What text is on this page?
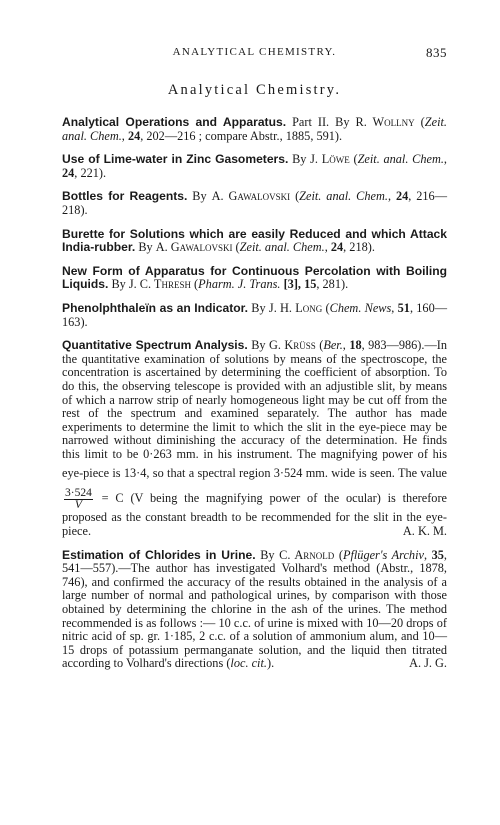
ANALYTICAL CHEMISTRY.	835
Analytical Chemistry.

Analytical Operations and Apparatus. Part II. By R. Wollny (Zeit. anal. Chem., 24, 202—216 ; compare Abstr., 1885, 591).

Use of Lime-water in Zinc Gasometers. By J. Löwe (Zeit. anal. Chem., 24, 221).

Bottles for Reagents. By A. Gawalovski (Zeit. anal. Chem., 24, 216—218).

Burette for Solutions which are easily Reduced and which Attack India-rubber. By A. Gawalovski (Zeit. anal. Chem., 24, 218).

New Form of Apparatus for Continuous Percolation with Boiling Liquids. By J. C. Thresh (Pharm. J. Trans. [3], 15, 281).

Phenolphthaleïn as an Indicator. By J. H. Long (Chem. News, 51, 160—163).

Quantitative Spectrum Analysis. By G. Krüss (Ber., 18, 983—986).—In the quantitative examination of solutions by means of the spectroscope, the concentration is ascertained by determining the coefficient of absorption. To do this, the observing telescope is provided with an adjustible slit, by means of which a narrow strip of nearly homogeneous light may be cut off from the rest of the spectrum and examined separately. The author has made experiments to determine the limit to which the slit in the eye-piece may be narrowed without diminishing the accuracy of the determination. He finds this limit to be 0·263 mm. in his instrument. The magnifying power of his eye-piece is 13·4, so that a spectral region 3·524 mm. wide is seen. The value
$\frac{3\cdot 524}{V} = C$ (V being the magnifying power of the ocular) is therefore proposed as the constant breadth to be recommended for the slit in the eye-piece.	A. K. M.

Estimation of Chlorides in Urine. By C. Arnold (Pflüger's Archiv, 35, 541—557).—The author has investigated Volhard's method (Abstr., 1878, 746), and confirmed the accuracy of the results obtained in the analysis of a large number of normal and pathological urines, by comparison with those obtained by determining the chlorine in the ash of the urines. The method recommended is as follows :— 10 c.c. of urine is mixed with 10—20 drops of nitric acid of sp. gr. 1·185, 2 c.c. of a solution of ammonium alum, and 10—15 drops of potassium permanganate solution, and the liquid then titrated according to Volhard's directions (loc. cit.).	A. J. G.
